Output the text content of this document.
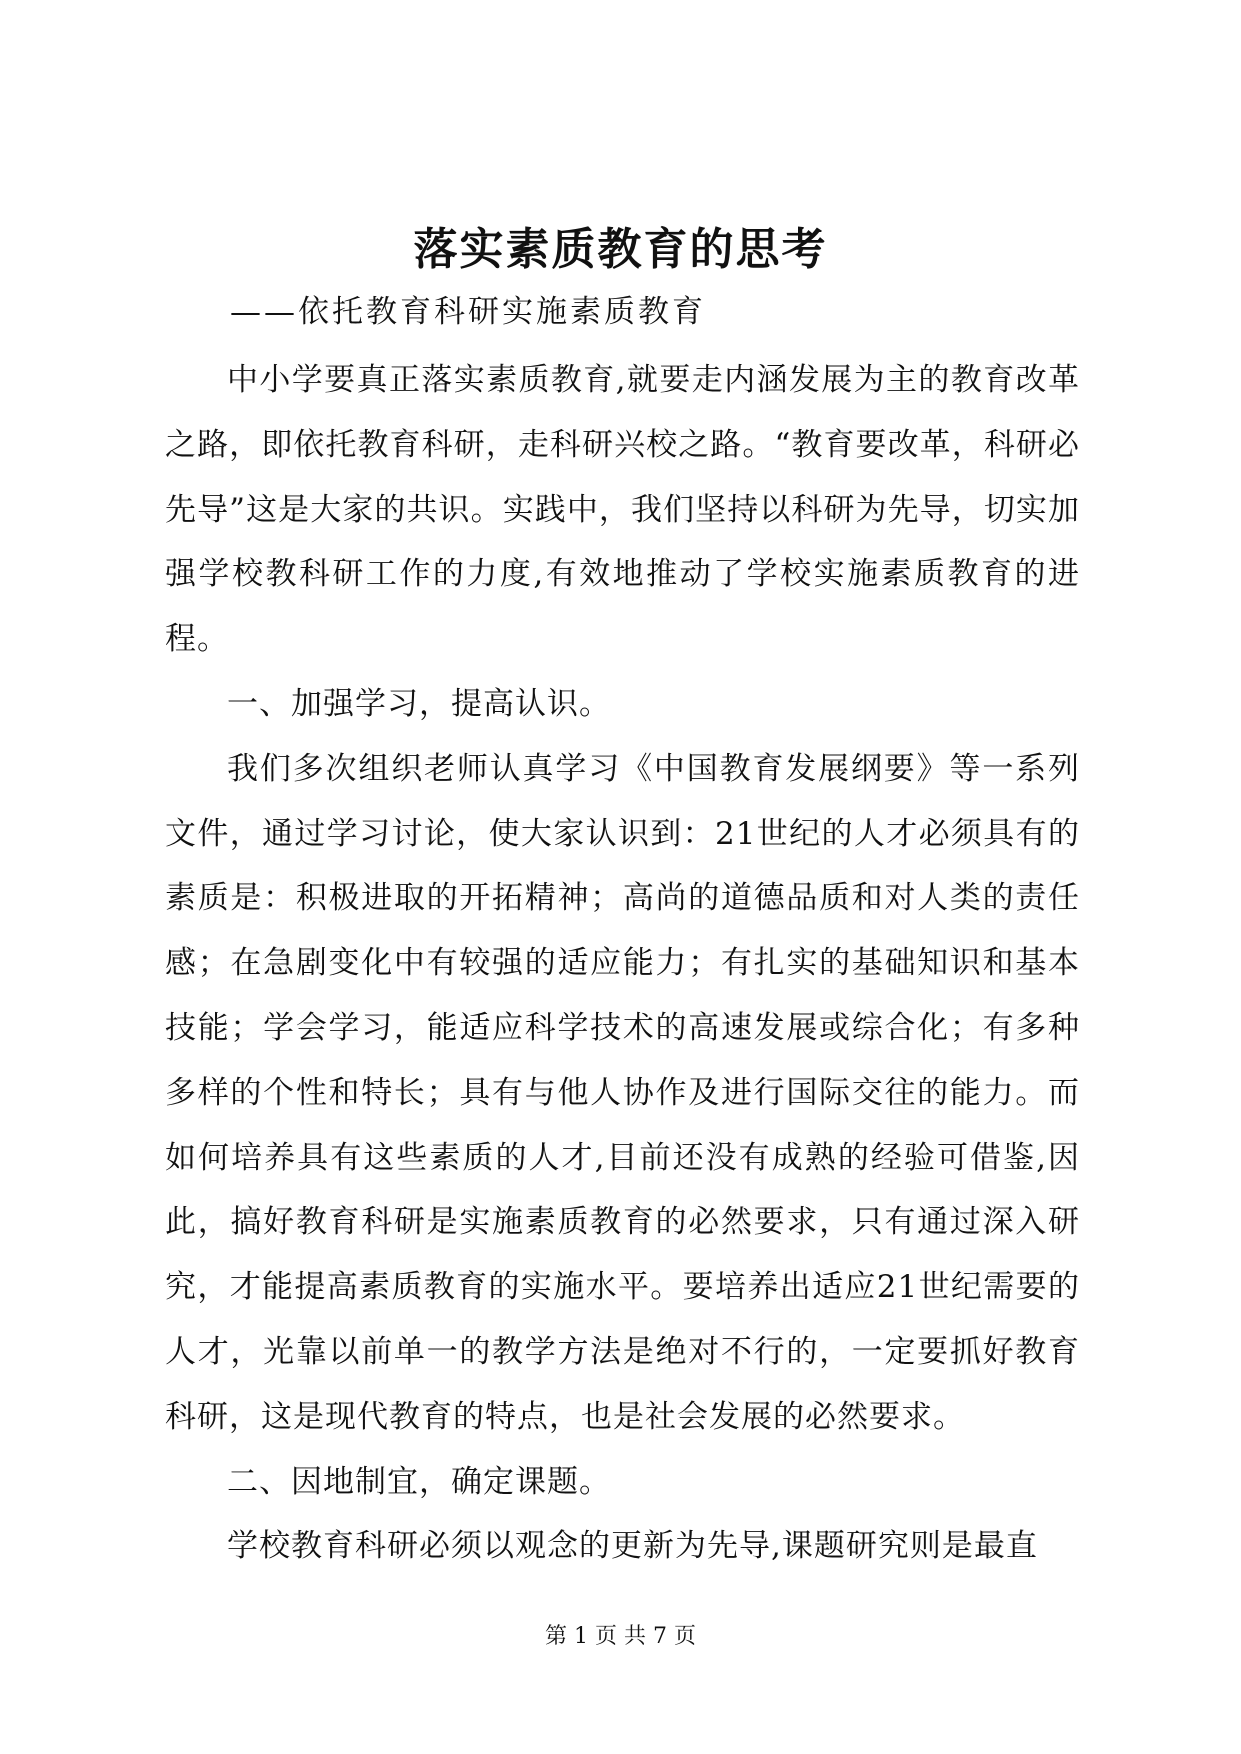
落实素质教育的思考
——依托教育科研实施素质教育

中小学要真正落实素质教育,就要走内涵发展为主的教育改革之路，即依托教育科研，走科研兴校之路。“教育要改革，科研必先导”这是大家的共识。实践中，我们坚持以科研为先导，切实加强学校教科研工作的力度,有效地推动了学校实施素质教育的进程。

一、加强学习，提高认识。

我们多次组织老师认真学习《中国教育发展纲要》等一系列文件，通过学习讨论，使大家认识到：21世纪的人才必须具有的素质是：积极进取的开拓精神；高尚的道德品质和对人类的责任感；在急剧变化中有较强的适应能力；有扎实的基础知识和基本技能；学会学习，能适应科学技术的高速发展或综合化；有多种多样的个性和特长；具有与他人协作及进行国际交往的能力。而如何培养具有这些素质的人才,目前还没有成熟的经验可借鉴,因此，搞好教育科研是实施素质教育的必然要求，只有通过深入研究，才能提高素质教育的实施水平。要培养出适应21世纪需要的人才，光靠以前单一的教学方法是绝对不行的，一定要抓好教育科研，这是现代教育的特点，也是社会发展的必然要求。

二、因地制宜，确定课题。

学校教育科研必须以观念的更新为先导,课题研究则是最直

第 1 页 共 7 页
